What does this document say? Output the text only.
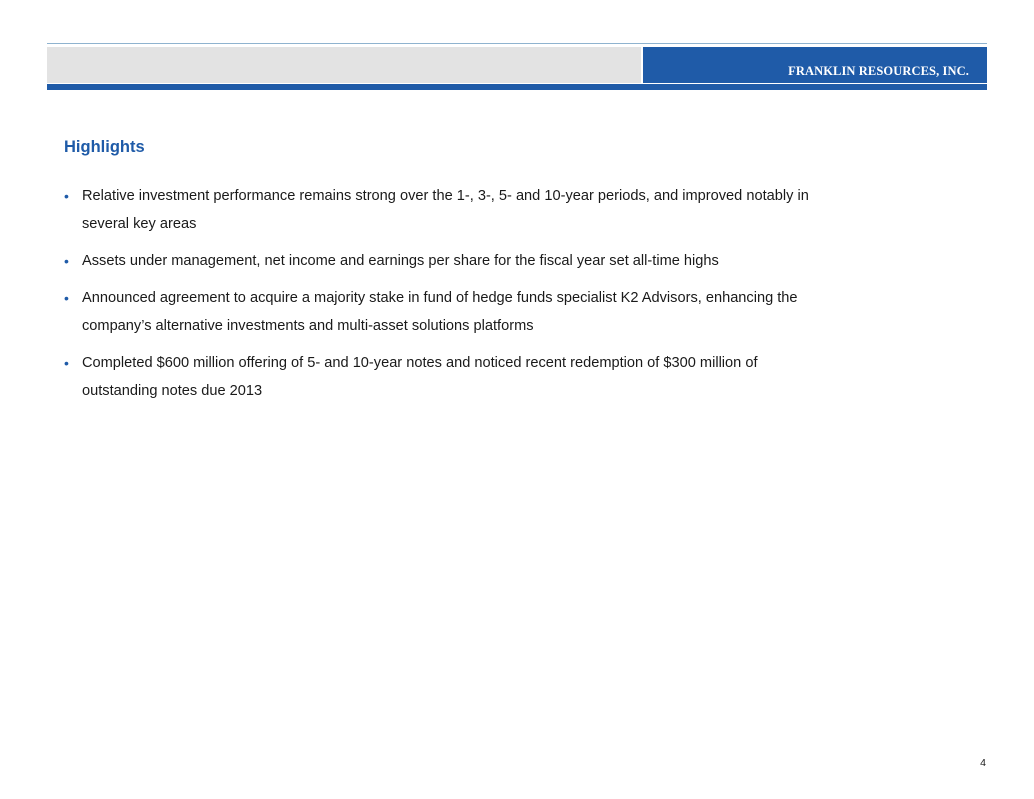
FRANKLIN RESOURCES, INC.
Highlights
• Relative investment performance remains strong over the 1-, 3-, 5- and 10-year periods, and improved notably in several key areas
• Assets under management, net income and earnings per share for the fiscal year set all-time highs
• Announced agreement to acquire a majority stake in fund of hedge funds specialist K2 Advisors, enhancing the company’s alternative investments and multi-asset solutions platforms
• Completed $600 million offering of 5- and 10-year notes and noticed recent redemption of $300 million of outstanding notes due 2013
4
